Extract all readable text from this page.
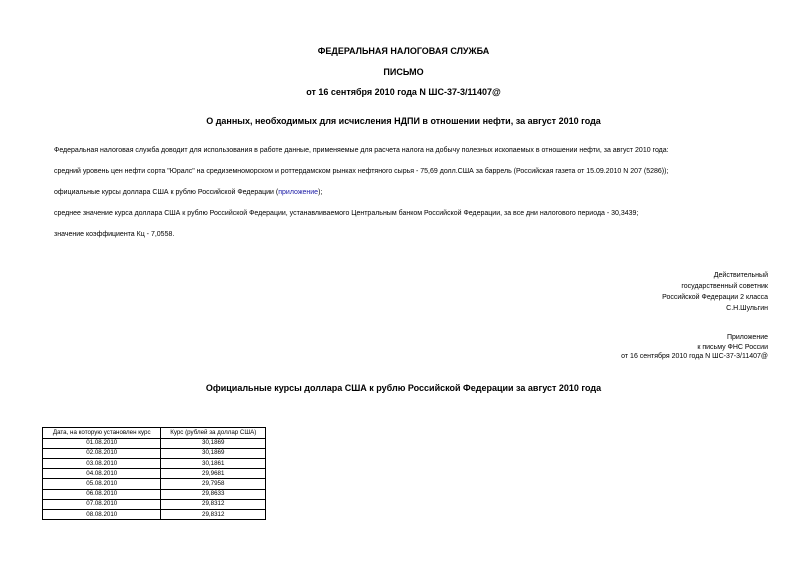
ФЕДЕРАЛЬНАЯ НАЛОГОВАЯ СЛУЖБА
ПИСЬМО
от 16 сентября 2010 года N ШС-37-3/11407@
О данных, необходимых для исчисления НДПИ в отношении нефти, за август 2010 года
Федеральная налоговая служба доводит для использования в работе данные, применяемые для расчета налога на добычу полезных ископаемых в отношении нефти, за август 2010 года:
средний уровень цен нефти сорта "Юралс" на средиземноморском и роттердамском рынках нефтяного сырья - 75,69 долл.США за баррель (Российская газета от 15.09.2010 N 207 (5286));
официальные курсы доллара США к рублю Российской Федерации (приложение);
среднее значение курса доллара США к рублю Российской Федерации, устанавливаемого Центральным банком Российской Федерации, за все дни налогового периода - 30,3439;
значение коэффициента Кц - 7,0558.
Действительный
государственный советник
Российской Федерации 2 класса
С.Н.Шульгин
Приложение
к письму ФНС России
от 16 сентября 2010 года N ШС-37-3/11407@
Официальные курсы доллара США к рублю Российской Федерации за август 2010 года
Дата, на которую установлен курс	Курс (рублей за доллар США)
01.08.2010	30,1869
02.08.2010	30,1869
03.08.2010	30,1861
04.08.2010	29,9681
05.08.2010	29,7958
06.08.2010	29,8633
07.08.2010	29,8312
08.08.2010	29,8312
